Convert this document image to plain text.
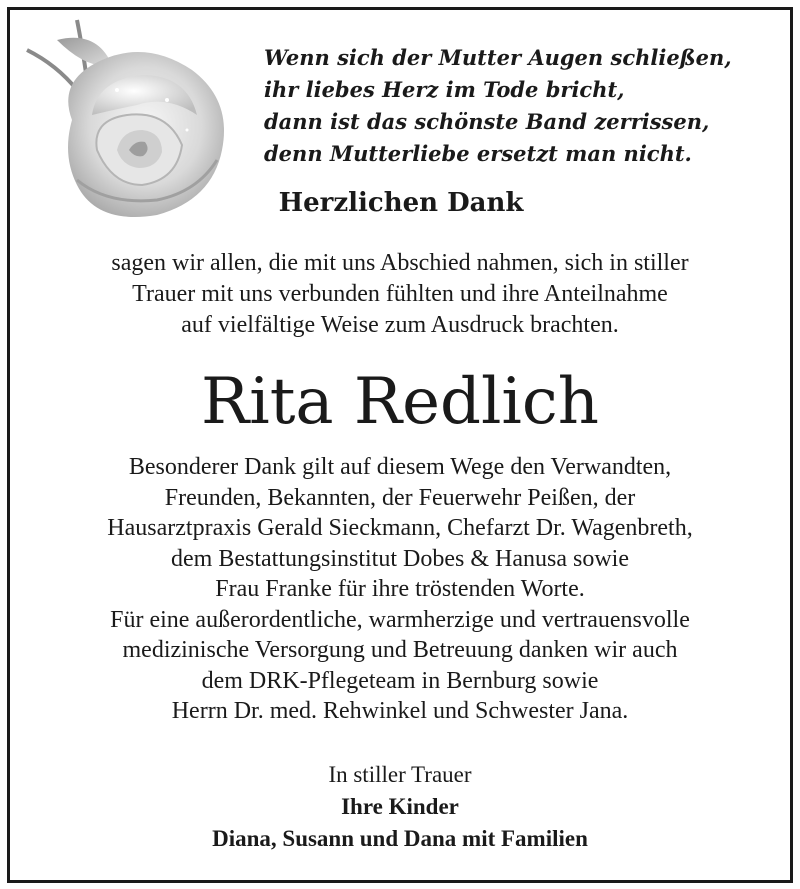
Wenn sich der Mutter Augen schließen,
ihr liebes Herz im Tode bricht,
dann ist das schönste Band zerrissen,
denn Mutterliebe ersetzt man nicht.
Herzlichen Dank
sagen wir allen, die mit uns Abschied nahmen, sich in stiller
Trauer mit uns verbunden fühlten und ihre Anteilnahme
auf vielfältige Weise zum Ausdruck brachten.
Rita Redlich
Besonderer Dank gilt auf diesem Wege den Verwandten,
Freunden, Bekannten, der Feuerwehr Peißen, der
Hausarztpraxis Gerald Sieckmann, Chefarzt Dr. Wagenbreth,
dem Bestattungsinstitut Dobes & Hanusa sowie
Frau Franke für ihre tröstenden Worte.
Für eine außerordentliche, warmherzige und vertrauensvolle
medizinische Versorgung und Betreuung danken wir auch
dem DRK-Pflegeteam in Bernburg sowie
Herrn Dr. med. Rehwinkel und Schwester Jana.
In stiller Trauer
Ihre Kinder
Diana, Susann und Dana mit Familien
